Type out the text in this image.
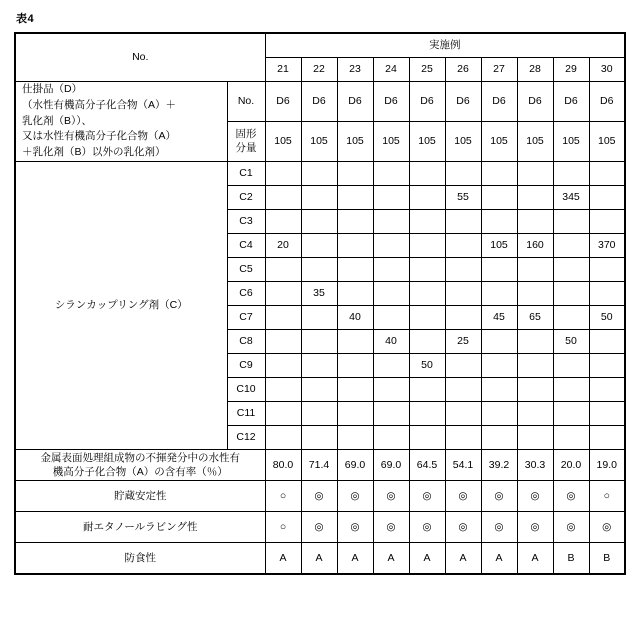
表4
No.		実施例									
		21	22	23	24	25	26	27	28	29	30

仕掛品（D）
（水性有機高分子化合物（A）＋
乳化剤（B））、
又は水性有機高分子化合物（A）
＋乳化剤（B）以外の乳化剤）	No.	D6	D6	D6	D6	D6	D6	D6	D6	D6	D6

	固形
分量	105	105	105	105	105	105	105	105	105	105
シランカップリング剤（C）	C1										
	C2						55			345	
	C3										
	C4	20						105	160		370
	C5										
	C6		35								
	C7			40				45	65		50
	C8				40		25			50	
	C9					50					
	C10										
	C11										
	C12										

金属表面処理組成物の不揮発分中の水性有
機高分子化合物（A）の含有率（％）		80.0	71.4	69.0	69.0	64.5	54.1	39.2	30.3	20.0	19.0
貯蔵安定性		○	◎	◎	◎	◎	◎	◎	◎	◎	○
耐エタノールラビング性		○	◎	◎	◎	◎	◎	◎	◎	◎	◎
防食性		A	A	A	A	A	A	A	A	B	B
